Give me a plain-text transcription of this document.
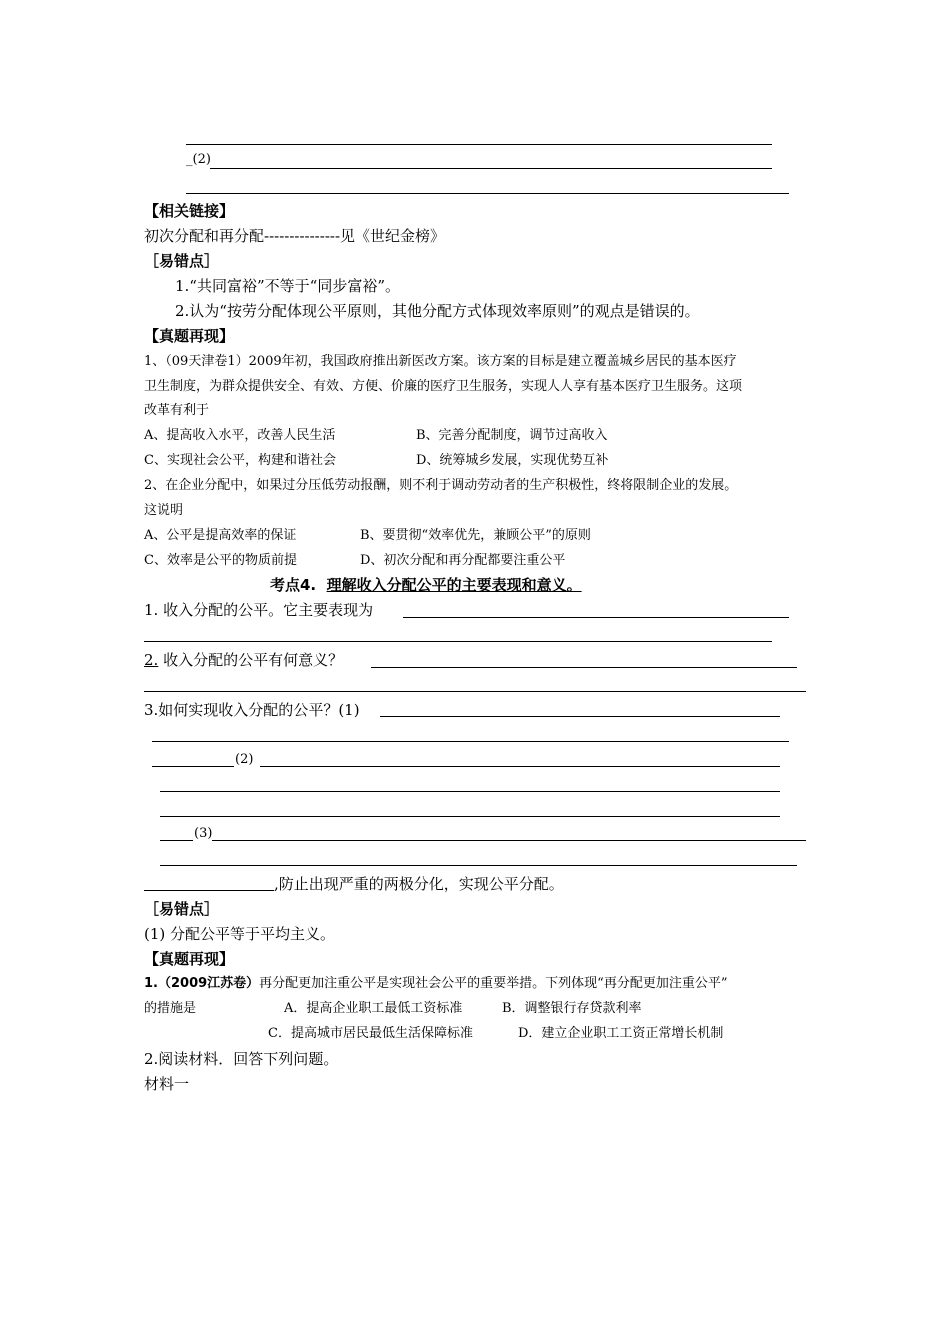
_(2)
【相关链接】
初次分配和再分配---------------见《世纪金榜》
［易错点］
1.“共同富裕”不等于“同步富裕”。
2.认为“按劳分配体现公平原则，其他分配方式体现效率原则”的观点是错误的。
【真题再现】
1、（09天津卷1）2009年初，我国政府推出新医改方案。该方案的目标是建立覆盖城乡居民的基本医疗
卫生制度，为群众提供安全、有效、方便、价廉的医疗卫生服务，实现人人享有基本医疗卫生服务。这项
改革有利于
A、提高收入水平，改善人民生活	B、完善分配制度，调节过高收入
C、实现社会公平，构建和谐社会	D、统筹城乡发展，实现优势互补
2、在企业分配中，如果过分压低劳动报酬，则不利于调动劳动者的生产积极性，终将限制企业的发展。
这说明
A、公平是提高效率的保证	B、要贯彻“效率优先，兼顾公平”的原则
C、效率是公平的物质前提	D、初次分配和再分配都要注重公平
考点4. 理解收入分配公平的主要表现和意义。
1. 收入分配的公平。它主要表现为
2. 收入分配的公平有何意义？
3.如何实现收入分配的公平？(1)
(2)
(3)
,防止出现严重的两极分化，实现公平分配。
［易错点］
(1) 分配公平等于平均主义。
【真题再现】
1.（2009江苏卷）再分配更加注重公平是实现社会公平的重要举措。下列体现“再分配更加注重公平”
的措施是	A．提高企业职工最低工资标准	B．调整银行存贷款利率
C．提高城市居民最低生活保障标准	D．建立企业职工工资正常增长机制
2.阅读材料．回答下列问题。
材料一
